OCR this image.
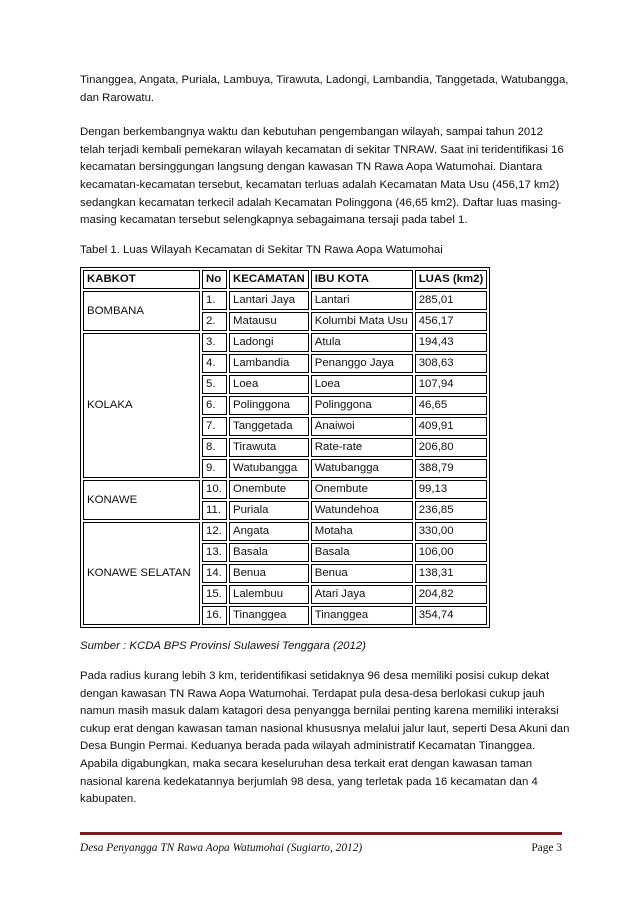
Tinanggea, Angata, Puriala, Lambuya, Tirawuta, Ladongi, Lambandia, Tanggetada, Watubangga, dan Rarowatu.

Dengan berkembangnya waktu dan kebutuhan pengembangan wilayah, sampai tahun 2012 telah terjadi kembali pemekaran wilayah kecamatan di sekitar TNRAW. Saat ini teridentifikasi 16 kecamatan bersinggungan langsung dengan kawasan TN Rawa Aopa Watumohai. Diantara kecamatan-kecamatan tersebut, kecamatan terluas adalah Kecamatan Mata Usu (456,17 km2) sedangkan kecamatan terkecil adalah Kecamatan Polinggona (46,65 km2). Daftar luas masing-masing kecamatan tersebut selengkapnya sebagaimana tersaji pada tabel 1.

Tabel 1. Luas Wilayah Kecamatan di Sekitar TN Rawa Aopa Watumohai

KABKOT	No	KECAMATAN	IBU KOTA	LUAS (km2)
BOMBANA	1.	Lantari Jaya	Lantari	285,01
	2.	Matausu	Kolumbi Mata Usu	456,17
KOLAKA	3.	Ladongi	Atula	194,43
	4.	Lambandia	Penanggo Jaya	308,63
	5.	Loea	Loea	107,94
	6.	Polinggona	Polinggona	46,65
	7.	Tanggetada	Anaiwoi	409,91
	8.	Tirawuta	Rate-rate	206,80
	9.	Watubangga	Watubangga	388,79
KONAWE	10.	Onembute	Onembute	99,13
	11.	Puriala	Watundehoa	236,85
KONAWE SELATAN	12.	Angata	Motaha	330,00
	13.	Basala	Basala	106,00
	14.	Benua	Benua	138,31
	15.	Lalembuu	Atari Jaya	204,82
	16.	Tinanggea	Tinanggea	354,74

Sumber : KCDA BPS Provinsi Sulawesi Tenggara (2012)

Pada radius kurang lebih 3 km, teridentifikasi setidaknya 96 desa memiliki posisi cukup dekat dengan kawasan TN Rawa Aopa Watumohai. Terdapat pula desa-desa berlokasi cukup jauh namun masih masuk dalam katagori desa penyangga bernilai penting karena memiliki interaksi cukup erat dengan kawasan taman nasional khususnya melalui jalur laut, seperti Desa Akuni dan Desa Bungin Permai. Keduanya berada pada wilayah administratif Kecamatan Tinanggea. Apabila digabungkan, maka secara keseluruhan desa terkait erat dengan kawasan taman nasional karena kedekatannya berjumlah 98 desa, yang terletak pada 16 kecamatan dan 4 kabupaten.

Desa Penyangga TN Rawa Aopa Watumohai (Sugiarto, 2012)	Page 3
